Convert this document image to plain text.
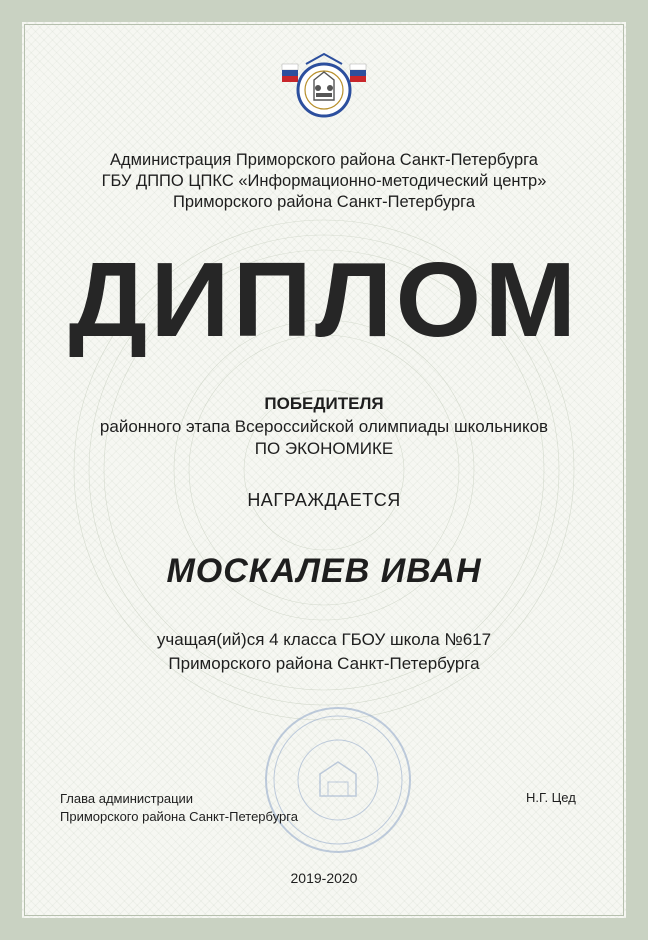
Администрация Приморского района Санкт-Петербурга
ГБУ ДППО ЦПКС «Информационно-методический центр»
Приморского района Санкт-Петербурга
ДИПЛОМ
ПОБЕДИТЕЛЯ
районного этапа Всероссийской олимпиады школьников
ПО ЭКОНОМИКЕ
НАГРАЖДАЕТСЯ
МОСКАЛЕВ ИВАН
учащая(ий)ся 4 класса ГБОУ школа №617
Приморского района Санкт-Петербурга
Глава администрации
Приморского района Санкт-Петербурга
Н.Г. Цед
2019-2020
